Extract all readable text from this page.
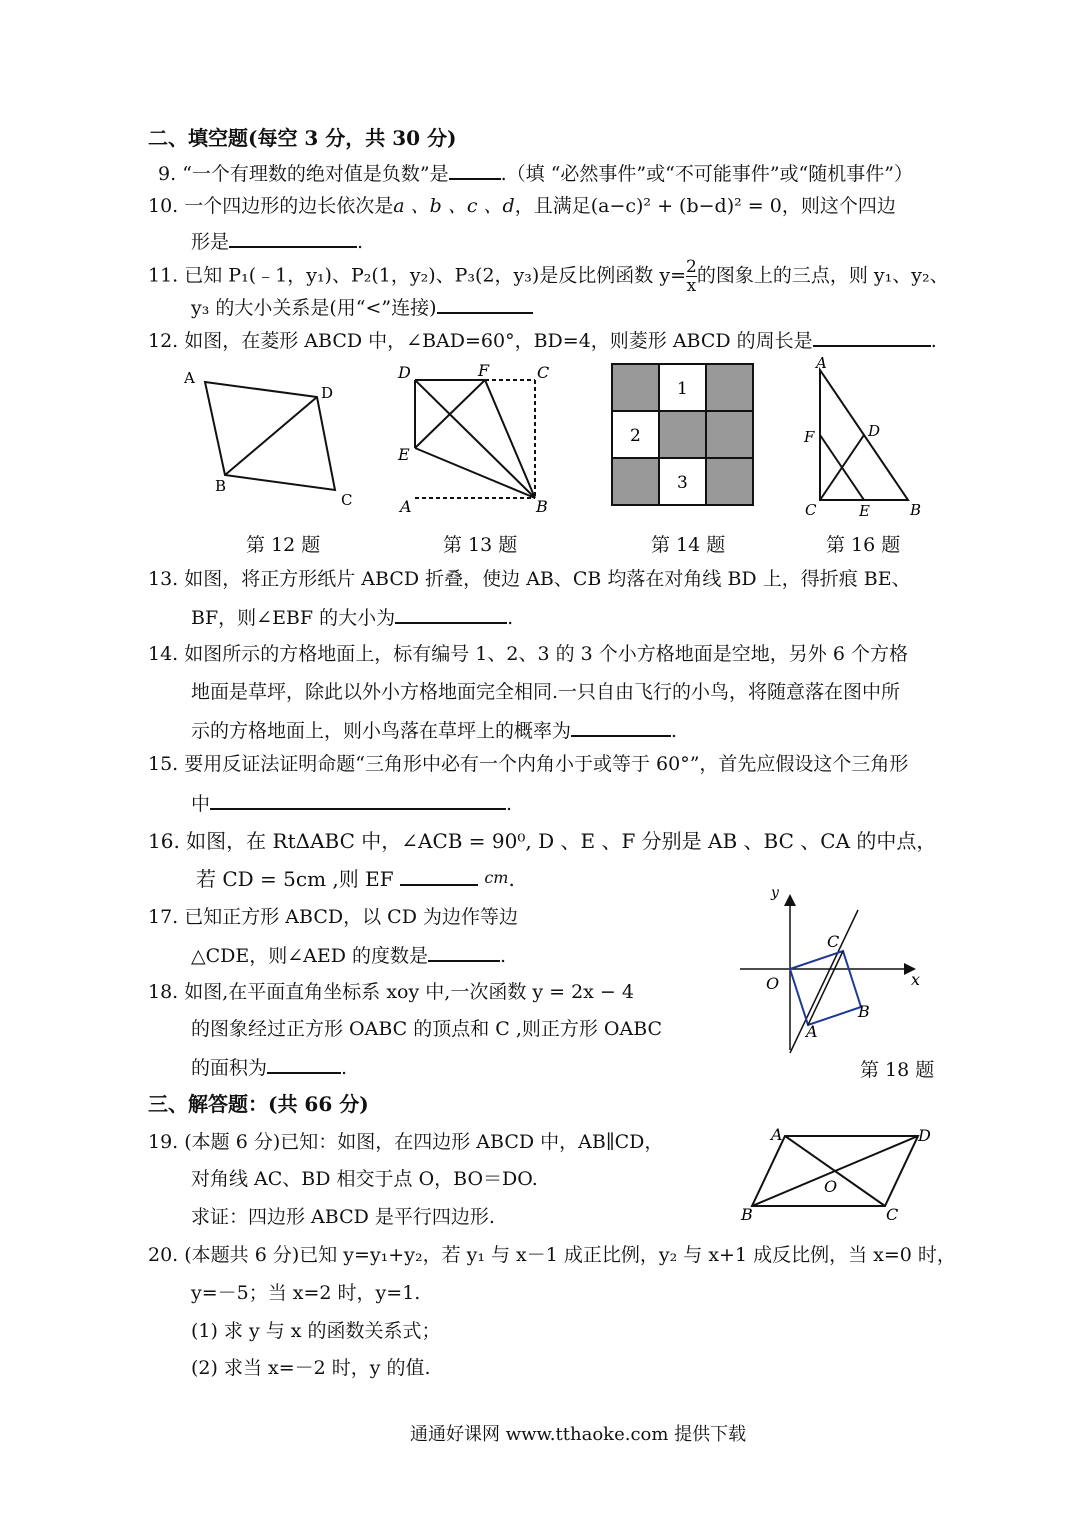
二、填空题(每空 3 分，共 30 分)
9. “一个有理数的绝对值是负数”是	.（填 “必然事件”或“不可能事件”或“随机事件”）
10. 一个四边形的边长依次是a 、b 、c 、d，且满足(a−c)² + (b−d)² = 0，则这个四边
形是	.
11. 已知 P₁(﹣1，y₁)、P₂(1，y₂)、P₃(2，y₃)是反比例函数 $y= \frac{2}{x}$ 的图象上的三点，则 y₁、y₂、
y₃ 的大小关系是(用“<”连接)
12. 如图，在菱形 ABCD 中，∠BAD=60°，BD=4，则菱形 ABCD 的周长是	.
A
D
B
C
D	F	C
E
A	B
1
2
3
A
F	D
C	E	B
第 12 题	第 13 题	第 14 题	第 16 题
13. 如图，将正方形纸片 ABCD 折叠，使边 AB、CB 均落在对角线 BD 上，得折痕 BE、
BF，则∠EBF 的大小为	.
14. 如图所示的方格地面上，标有编号 1、2、3 的 3 个小方格地面是空地，另外 6 个方格
地面是草坪，除此以外小方格地面完全相同.一只自由飞行的小鸟，将随意落在图中所
示的方格地面上，则小鸟落在草坪上的概率为	.
15. 要用反证法证明命题“三角形中必有一个内角小于或等于 60°”，首先应假设这个三角形
中	.
16. 如图，在 RtΔABC 中，∠ACB = 90⁰, D 、E 、F 分别是 AB 、BC 、CA 的中点，
若 CD = 5cm ,则 EF	$^{cm}$.
17. 已知正方形 ABCD，以 CD 为边作等边
△CDE，则∠AED 的度数是	.
18. 如图,在平面直角坐标系 xoy 中,一次函数 y = 2x − 4
的图象经过正方形 OABC 的顶点和 C ,则正方形 OABC
的面积为	.
y
x
O
C
B
A
第 18 题
三、解答题：(共 66 分)
19. (本题 6 分)已知：如图，在四边形 ABCD 中，AB∥CD，
对角线 AC、BD 相交于点 O，BO＝DO.
求证：四边形 ABCD 是平行四边形.
A	D
O
B	C
20. (本题共 6 分)已知 y=y₁+y₂，若 y₁ 与 x－1 成正比例，y₂ 与 x+1 成反比例，当 x=0 时，
y=－5；当 x=2 时，y=1.
(1) 求 y 与 x 的函数关系式；
(2) 求当 x=－2 时，y 的值.
通通好课网 www.tthaoke.com 提供下载
